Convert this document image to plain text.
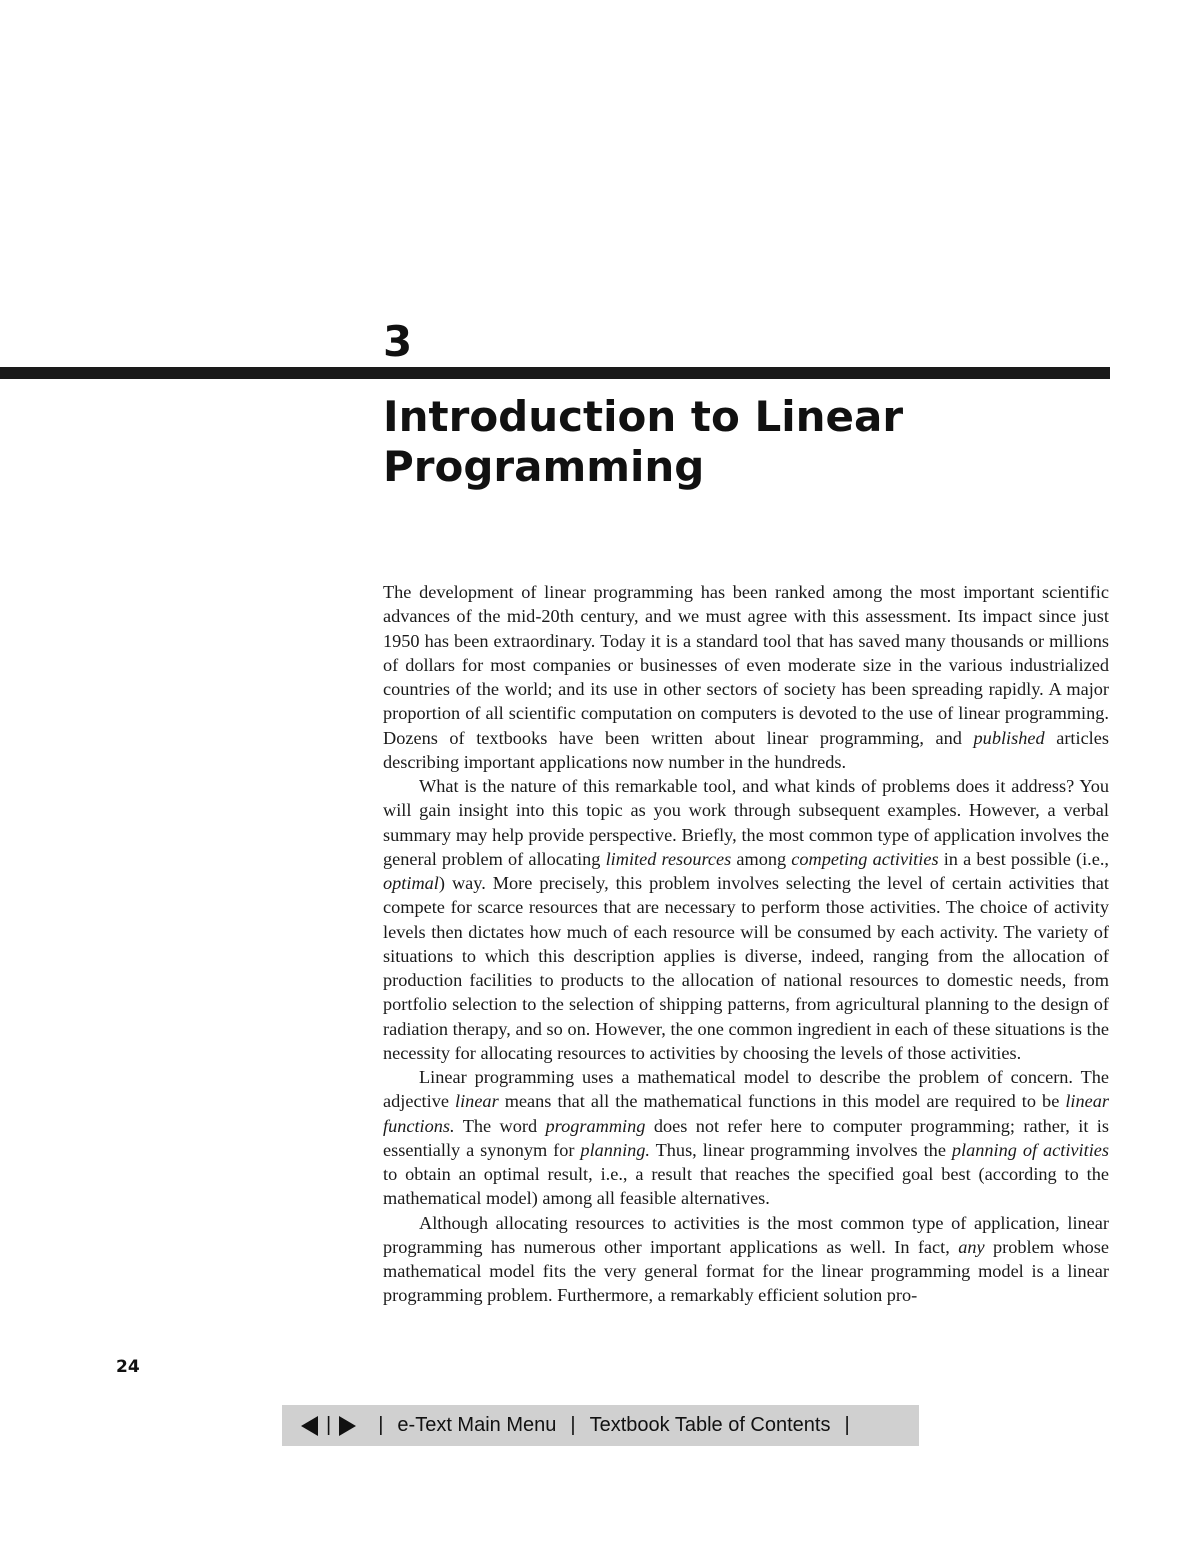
3
Introduction to Linear Programming

The development of linear programming has been ranked among the most important scientific advances of the mid-20th century, and we must agree with this assessment. Its impact since just 1950 has been extraordinary. Today it is a standard tool that has saved many thousands or millions of dollars for most companies or businesses of even moderate size in the various industrialized countries of the world; and its use in other sectors of society has been spreading rapidly. A major proportion of all scientific computation on computers is devoted to the use of linear programming. Dozens of textbooks have been written about linear programming, and published articles describing important applications now number in the hundreds.

What is the nature of this remarkable tool, and what kinds of problems does it address? You will gain insight into this topic as you work through subsequent examples. However, a verbal summary may help provide perspective. Briefly, the most common type of application involves the general problem of allocating limited resources among competing activities in a best possible (i.e., optimal) way. More precisely, this problem involves selecting the level of certain activities that compete for scarce resources that are necessary to perform those activities. The choice of activity levels then dictates how much of each resource will be consumed by each activity. The variety of situations to which this description applies is diverse, indeed, ranging from the allocation of production facilities to products to the allocation of national resources to domestic needs, from portfolio selection to the selection of shipping patterns, from agricultural planning to the design of radiation therapy, and so on. However, the one common ingredient in each of these situations is the necessity for allocating resources to activities by choosing the levels of those activities.

Linear programming uses a mathematical model to describe the problem of concern. The adjective linear means that all the mathematical functions in this model are required to be linear functions. The word programming does not refer here to computer programming; rather, it is essentially a synonym for planning. Thus, linear programming involves the planning of activities to obtain an optimal result, i.e., a result that reaches the specified goal best (according to the mathematical model) among all feasible alternatives.

Although allocating resources to activities is the most common type of application, linear programming has numerous other important applications as well. In fact, any problem whose mathematical model fits the very general format for the linear programming model is a linear programming problem. Furthermore, a remarkably efficient solution pro-

24
|	| e-Text Main Menu | Textbook Table of Contents |
